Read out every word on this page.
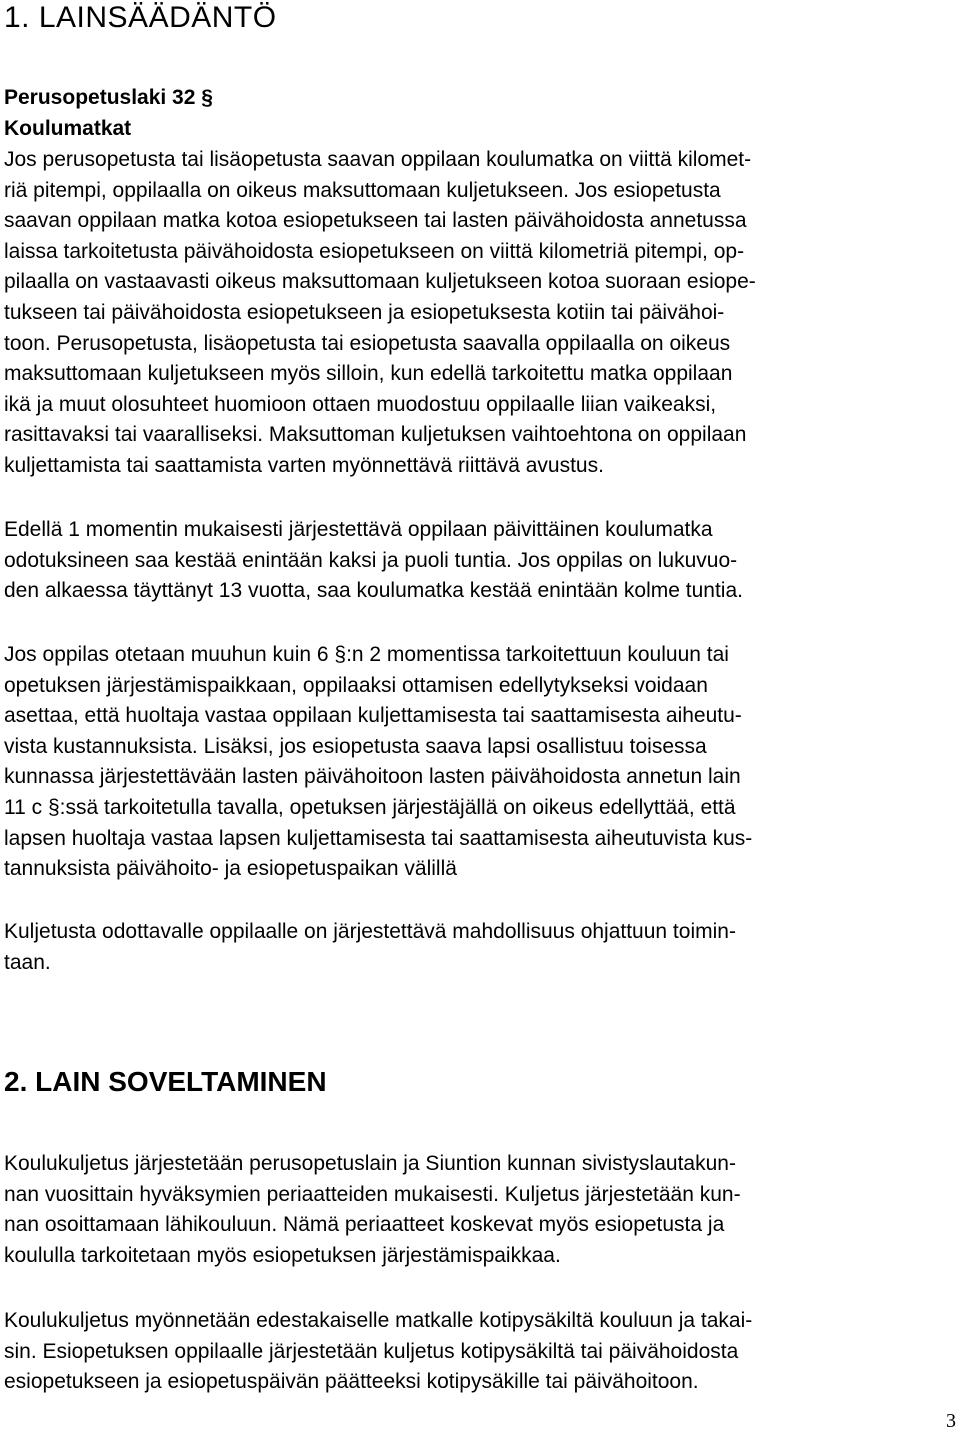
1. LAINSÄÄDÄNTÖ
Perusopetuslaki 32 §
Koulumatkat
Jos perusopetusta tai lisäopetusta saavan oppilaan koulumatka on viittä kilomet-
riä pitempi, oppilaalla on oikeus maksuttomaan kuljetukseen. Jos esiopetusta
saavan oppilaan matka kotoa esiopetukseen tai lasten päivähoidosta annetussa
laissa tarkoitetusta päivähoidosta esiopetukseen on viittä kilometriä pitempi, op-
pilaalla on vastaavasti oikeus maksuttomaan kuljetukseen kotoa suoraan esiope-
tukseen tai päivähoidosta esiopetukseen ja esiopetuksesta kotiin tai päivähoi-
toon. Perusopetusta, lisäopetusta tai esiopetusta saavalla oppilaalla on oikeus
maksuttomaan kuljetukseen myös silloin, kun edellä tarkoitettu matka oppilaan
ikä ja muut olosuhteet huomioon ottaen muodostuu oppilaalle liian vaikeaksi,
rasittavaksi tai vaaralliseksi. Maksuttoman kuljetuksen vaihtoehtona on oppilaan
kuljettamista tai saattamista varten myönnettävä riittävä avustus.
Edellä 1 momentin mukaisesti järjestettävä oppilaan päivittäinen koulumatka
odotuksineen saa kestää enintään kaksi ja puoli tuntia. Jos oppilas on lukuvuo-
den alkaessa täyttänyt 13 vuotta, saa koulumatka kestää enintään kolme tuntia.
Jos oppilas otetaan muuhun kuin 6 §:n 2 momentissa tarkoitettuun kouluun tai
opetuksen järjestämispaikkaan, oppilaaksi ottamisen edellytykseksi voidaan
asettaa, että huoltaja vastaa oppilaan kuljettamisesta tai saattamisesta aiheutu-
vista kustannuksista. Lisäksi, jos esiopetusta saava lapsi osallistuu toisessa
kunnassa järjestettävään lasten päivähoitoon lasten päivähoidosta annetun lain
11 c §:ssä tarkoitetulla tavalla, opetuksen järjestäjällä on oikeus edellyttää, että
lapsen huoltaja vastaa lapsen kuljettamisesta tai saattamisesta aiheutuvista kus-
tannuksista päivähoito- ja esiopetuspaikan välillä
Kuljetusta odottavalle oppilaalle on järjestettävä mahdollisuus ohjattuun toimin-
taan.
2. LAIN SOVELTAMINEN
Koulukuljetus järjestetään perusopetuslain ja Siuntion kunnan sivistyslautakun-
nan vuosittain hyväksymien periaatteiden mukaisesti. Kuljetus järjestetään kun-
nan osoittamaan lähikouluun. Nämä periaatteet koskevat myös esiopetusta ja
koululla tarkoitetaan myös esiopetuksen järjestämispaikkaa.
Koulukuljetus myönnetään edestakaiselle matkalle kotipysäkiltä kouluun ja takai-
sin. Esiopetuksen oppilaalle järjestetään kuljetus kotipysäkiltä tai päivähoidosta
esiopetukseen ja esiopetuspäivän päätteeksi kotipysäkille tai päivähoitoon.
3
